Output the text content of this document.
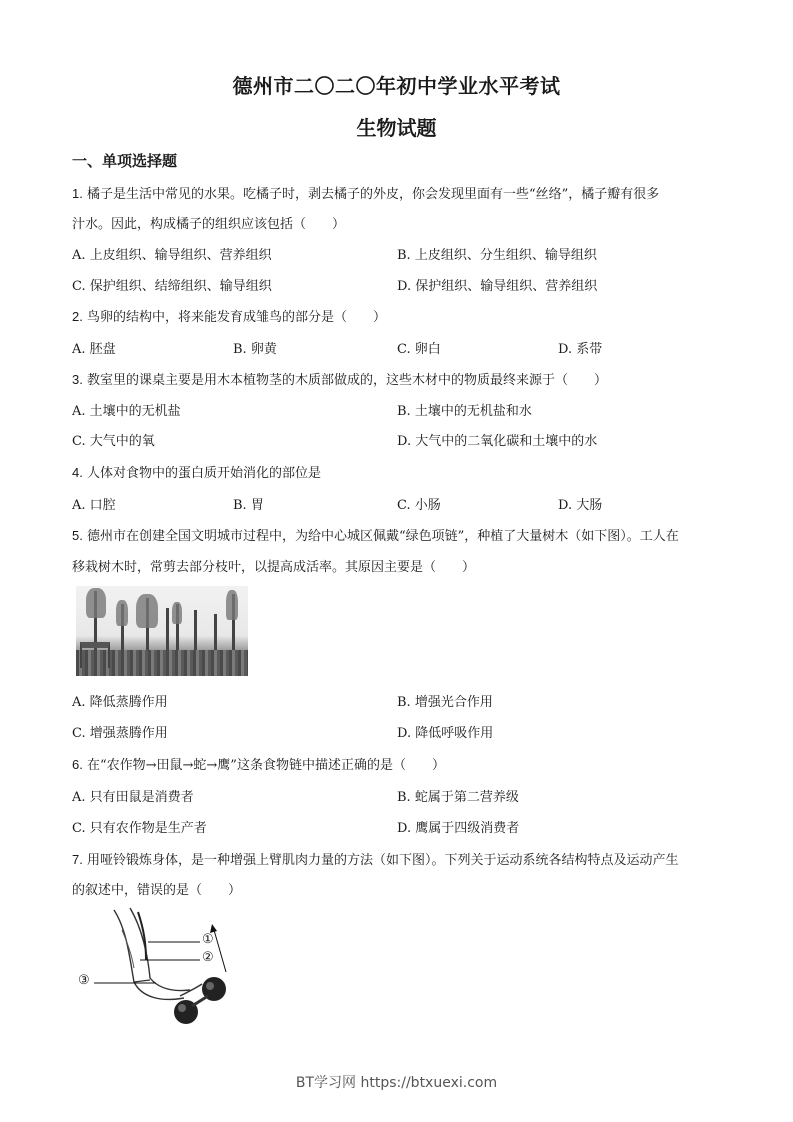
德州市二〇二〇年初中学业水平考试
生物试题
一、单项选择题
1. 橘子是生活中常见的水果。吃橘子时，剥去橘子的外皮，你会发现里面有一些“丝络”，橘子瓣有很多
汁水。因此，构成橘子的组织应该包括（　　）
A. 上皮组织、输导组织、营养组织	B. 上皮组织、分生组织、输导组织
C. 保护组织、结缔组织、输导组织	D. 保护组织、输导组织、营养组织
2. 鸟卵的结构中，将来能发育成雏鸟的部分是（　　）
A. 胚盘	B. 卵黄	C. 卵白	D. 系带
3. 教室里的课桌主要是用木本植物茎的木质部做成的，这些木材中的物质最终来源于（　　）
A. 土壤中的无机盐	B. 土壤中的无机盐和水
C. 大气中的氧	D. 大气中的二氧化碳和土壤中的水
4. 人体对食物中的蛋白质开始消化的部位是
A. 口腔	B. 胃	C. 小肠	D. 大肠
5. 德州市在创建全国文明城市过程中，为给中心城区佩戴“绿色项链”，种植了大量树木（如下图）。工人在
移栽树木时，常剪去部分枝叶，以提高成活率。其原因主要是（　　）
A. 降低蒸腾作用	B. 增强光合作用
C. 增强蒸腾作用	D. 降低呼吸作用
6. 在“农作物→田鼠→蛇→鹰”这条食物链中描述正确的是（　　）
A. 只有田鼠是消费者	B. 蛇属于第二营养级
C. 只有农作物是生产者	D. 鹰属于四级消费者
7. 用哑铃锻炼身体，是一种增强上臂肌肉力量的方法（如下图）。下列关于运动系统各结构特点及运动产生
的叙述中，错误的是（　　）
①
②
③
BT学习网 https://btxuexi.com
